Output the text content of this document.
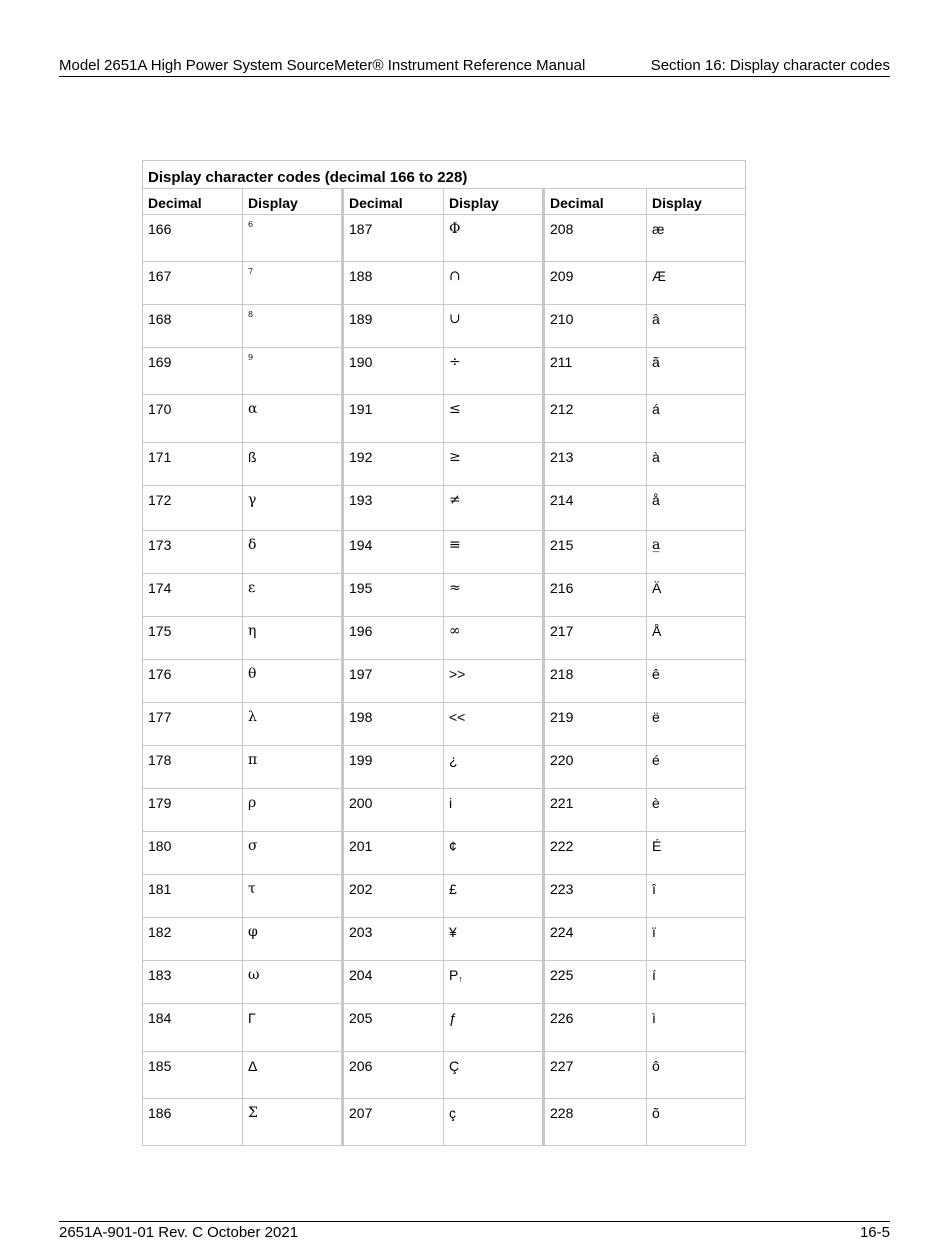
Model 2651A High Power System SourceMeter® Instrument Reference Manual	Section 16: Display character codes
Display character codes (decimal 166 to 228)					
Decimal	Display	Decimal	Display	Decimal	Display
166	$^6$	187	Φ	208	æ
167	$^7$	188	∩	209	Æ
168	$^8$	189	∪	210	â
169	$^9$	190	÷	211	ã
170	α	191	≤	212	á
171	ß	192	≥	213	à
172	γ	193	≠	214	å
173	δ	194	≡	215	a̲
174	ε	195	≈	216	Ä
175	η	196	∞	217	Å
176	θ	197	>>	218	ê
177	λ	198	<<	219	ë
178	π	199	¿	220	é
179	ρ	200	i	221	è
180	σ	201	¢	222	É
181	τ	202	£	223	î
182	φ	203	¥	224	ï
183	ω	204	P↑	225	í
184	Γ	205	ƒ	226	ì
185	Δ	206	Ç	227	ô
186	Σ	207	ç	228	õ
2651A-901-01 Rev. C October 2021	16-5
